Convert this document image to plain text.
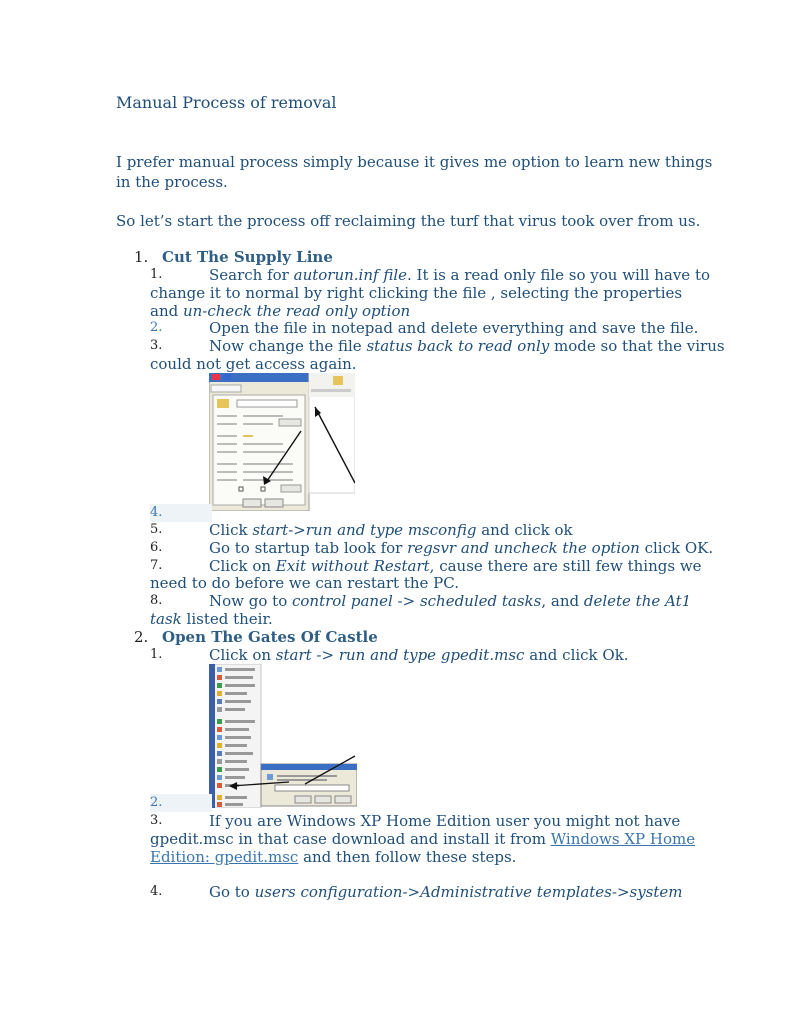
Manual Process of removal
I prefer manual process simply because it gives me option to learn new things
in the process.
So let’s start the process off reclaiming the turf that virus took over from us.
1. Cut The Supply Line
1.	Search for autorun.inf file. It is a read only file so you will have to
change it to normal by right clicking the file , selecting the properties
and un-check the read only option
2.	Open the file in notepad and delete everything and save the file.
3.	Now change the file status back to read only mode so that the virus
could not get access again.
4.
5.	Click start->run and type msconfig and click ok
6.	Go to startup tab look for regsvr and uncheck the option click OK.
7.	Click on Exit without Restart, cause there are still few things we
need to do before we can restart the PC.
8.	Now go to control panel -> scheduled tasks, and delete the At1
task listed their.
2. Open The Gates Of Castle
1.	Click on start -> run and type gpedit.msc and click Ok.
2.
3.	If you are Windows XP Home Edition user you might not have
gpedit.msc in that case download and install it from Windows XP Home
Edition: gpedit.msc and then follow these steps.
4.	Go to users configuration->Administrative templates->system
